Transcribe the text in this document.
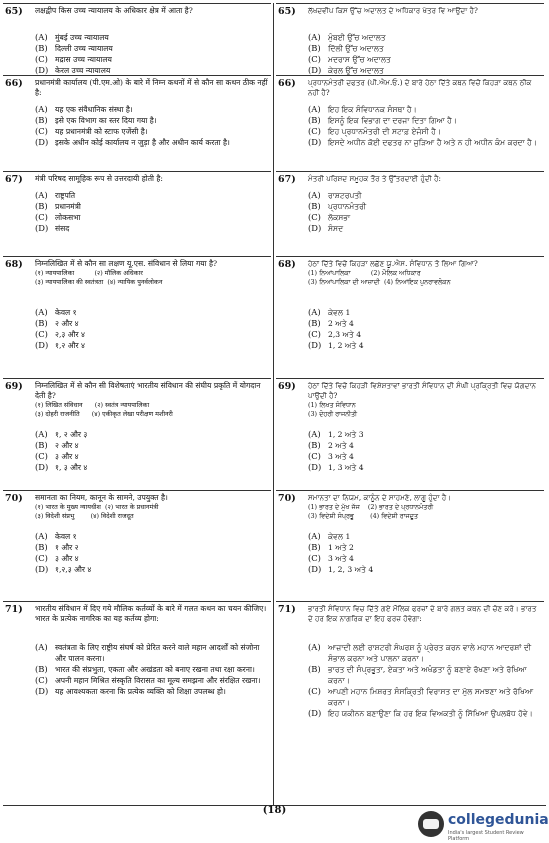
65)	लक्षद्वीप किस उच्च न्यायालय के अधिकार क्षेत्र में आता है?
(A) मुंबई उच्च न्यायालय
(B) दिल्ली उच्च न्यायालय
(C) मद्रास उच्च न्यायालय
(D) केरल उच्च न्यायालय
66)	प्रधानमंत्री कार्यालय (पी.एम.ओ) के बारे में निम्न कथनों में से कौन सा कथन ठीक नहीं है:
(A) यह एक संवैधानिक संस्था है।
(B) इसे एक विभाग का स्तर दिया गया है।
(C) यह प्रधानमंत्री को स्टाफ एजेंसी है।
(D) इसके अधीन कोई कार्यालय न जुड़ा है और अधीन कार्य करता है।
67)	मंत्री परिषद सामूहिक रूप से उत्तरदायी होती है:
(A) राष्ट्रपति
(B) प्रधानमंत्री
(C) लोकसभा
(D) संसद
68)	निम्नलिखित में से कौन सा लक्षण यू.एस. संविधान से लिया गया है?
(१) न्यायपालिका          (२) मौलिक अधिकार
(३) न्यायपालिका की स्वतंत्रता  (४) न्यायिक पुनर्वलोकन
(A) केवल १
(B) २ और ४
(C) २,३ और ४
(D) १,२ और ४
69)	निम्नलिखित में से कौन सी विशेषताएं भारतीय संविधान की संघीय प्रकृति में योगदान देती है?
(१) लिखित संविधान      (२) स्वतंत्र न्यायपालिका
(३) दोहरी राजनीति      (४) एकीकृत लेखा परीक्षण मशीनरी
(A) १, २ और ३
(B) २ और ४
(C) ३ और ४
(D) १, ३ और ४
70)	समानता का नियम, कानून के सामने, उपयुक्त है।
(१) भारत के मुख्य न्यायधीश  (२) भारत के प्रधानमंत्री
(३) विदेशी संप्रभु        (४) विदेशी राजदूत
(A) केवल १
(B) १ और २
(C) ३ और ४
(D) १,२,३ और ४
71)	भारतीय संविधान में दिए गये मौलिक कर्तव्यों के बारे में गलत कथन का चयन कीजिए। भारत के प्रत्येक नागरिक का यह कर्तव्य होगा:
(A) स्वतंत्रता के लिए राष्ट्रीय संघर्ष को प्रेरित करने वाले महान आदर्शों को संजोना और पालन करना।
(B) भारत की संप्रभुता, एकता और अखंडता को बनाए रखना तथा रक्षा करना।
(C) अपनी महान मिश्रित संस्कृति विरासत का मूल्य समझना और संरक्षित रखना।
(D) यह आवश्यकता करना कि प्रत्येक व्यक्ति को शिक्षा उपलब्ध हो।
65)	ਲੱਖਦਵੀਪ ਕਿਸ ਉੱਚ ਅਦਾਲਤ ਦੇ ਅਧਿਕਾਰ ਖੇਤਰ ਵਿ ਆਉਂਦਾ ਹੈ?
(A) ਮੁੰਬਈ ਉੱਚ ਅਦਾਲਤ
(B) ਦਿੱਲੀ ਉੱਚ ਅਦਾਲਤ
(C) ਮਦਰਾਸ ਉੱਚ ਅਦਾਲਤ
(D) ਕੇਰਲ ਉੱਚ ਅਦਾਲਤ
66)	ਪ੍ਰਧਾਨਮੰਤਰੀ ਦਫਤਰ (ਪੀ.ਐਮ.ਓ.) ਦੇ ਬਾਰੇ ਹੇਠਾ ਦਿੱਤੇ ਕਥਨ ਵਿਚੋਂ ਕਿਹੜਾ ਕਥਨ ਠੀਕ ਨਹੀਂ ਹੈ?
(A) ਇਹ ਇਕ ਸੰਵਿਧਾਨਕ ਸੰਸਥਾ ਹੈ।
(B) ਇਸਨੂੰ ਇਕ ਵਿਭਾਗ ਦਾ ਦਰਜਾ ਦਿਤਾ ਗਿਆ ਹੈ।
(C) ਇਹ ਪ੍ਰਧਾਨਮੰਤਰੀ ਦੀ ਸਟਾਫ਼ ਏਜੰਸੀ ਹੈ।
(D) ਇਸਦੇ ਅਧੀਨ ਕੋਈ ਦਫਤਰ ਨਾ ਜੁੜਿਆ ਹੈ ਅਤੇ ਨ ਹੀ ਅਧੀਨ ਕੰਮ ਕਰਦਾ ਹੈ।
67)	ਮੰਤਰੀ ਪਰਿਸ਼ਦ ਸਮੂਹਕ ਤੌਰ ਤੇ ਉੱਤਰਦਾਈ ਹੁੰਦੀ ਹੈ:
(A) ਰਾਸ਼ਟਰਪਤੀ
(B) ਪ੍ਰਧਾਨਮੰਤਰੀ
(C) ਲੋਕਸਭਾ
(D) ਸੰਸਦ
68)	ਹੇਠਾਂ ਦਿੱਤੇ ਵਿਚੋਂ ਕਿਹੜਾ ਲਛੱਣ ਯੂ.ਐਸ. ਸੰਵਿਧਾਨ ਤੋ ਲਿਆ ਗਿਆ?
(1) ਨਿਆਂਪਾਲਿਕਾ          (2) ਮੌਲਿਕ ਅਧਿਕਾਰ
(3) ਨਿਆਂਪਾਲਿਕਾ ਦੀ ਆਜ਼ਾਦੀ  (4) ਨਿਆਂਇਕ ਪੁਨਰਾਵਲੋਕਨ
(A) ਕੇਵਲ 1
(B) 2 ਅਤੇ 4
(C) 2,3 ਅਤੇ 4
(D) 1, 2 ਅਤੇ 4
69)	ਹੇਠਾਂ ਦਿੱਤੇ ਵਿਚੋਂ ਕਿਹੜੀ ਵਿਸ਼ੇਸ਼ਤਾਵਾਂ ਭਾਰਤੀ ਸੰਵਿਧਾਨ ਦੀ ਸੰਘੀ ਪ੍ਰਕ੍ਰਿਤੀ ਵਿਚ ਯੋਗਦਾਨ ਪਾਉਂਦੀ ਹੈ?
(1) ਲਿਖਤ ਸੰਵਿਧਾਨ
(3) ਦੋਹਰੀ ਰਾਜਨੀਤੀ
(A) 1, 2 ਅਤੇ 3
(B) 2 ਅਤੇ 4
(C) 3 ਅਤੇ 4
(D) 1, 3 ਅਤੇ 4
70)	ਸਮਾਨਤਾ ਦਾ ਨਿਯਮ, ਕਾਨੂੰਨ ਦੇ ਸਾਹਮਣੇ, ਲਾਗੂ ਹੁੰਦਾ ਹੈ।
(1) ਭਾਰਤ ਦੇ ਮੁੱਖ ਜੱਜ    (2) ਭਾਰਤ ਦੇ ਪ੍ਰਧਾਨਮੰਤਰੀ
(3) ਵਿਦੇਸ਼ੀ ਸੰਪ੍ਰਭੂ        (4) ਵਿਦੇਸ਼ੀ ਰਾਜਦੂਤ
(A) ਕੇਵਲ 1
(B) 1 ਅਤੇ 2
(C) 3 ਅਤੇ 4
(D) 1, 2, 3 ਅਤੇ 4
71)	ਭਾਰਤੀ ਸੰਵਿਧਾਨ ਵਿਚ ਦਿੱਤੇ ਗਏ ਮੌਲਿਕ ਫਰਜ਼ਾਂ ਦੇ ਬਾਰੇ ਗਲਤ ਕਥਨ ਦੀ ਚੋਣ ਕਰੋ। ਭਾਰਤ ਦੇ ਹਰ ਇਕ ਨਾਗਰਿਕ ਦਾ ਇਹ ਫਰਜ਼ ਹੋਵੇਗਾ:
(A) ਆਜ਼ਾਦੀ ਲਈ ਰਾਸ਼ਟਰੀ ਸੰਘਰਸ਼ ਨੂੰ ਪ੍ਰੇਰਤ ਕਰਨ ਵਾਲੇ ਮਹਾਨ ਆਦਰਸ਼ਾਂ ਦੀ ਸੰਭਾਲ ਕਰਨਾ ਅਤੇ ਪਾਲਨਾ ਕਰਨਾ।
(B) ਭਾਰਤ ਦੀ ਸੰਪ੍ਰਭੂਤਾ, ਏਕਤਾ ਅਤੇ ਅਖੰਡਤਾ ਨੂੰ ਬਣਾਏ ਰੱਖਣਾ ਅਤੇ ਰੱਖਿਆ ਕਰਨਾ।
(C) ਆਪਣੀ ਮਹਾਨ ਮਿਸ਼ਰਤ ਸੰਸਕ੍ਰਿਤੀ ਵਿਰਾਸਤ ਦਾ ਮੁੱਲ ਸਮਝਣਾ ਅਤੇ ਰੱਖਿਆ ਕਰਨਾ।
(D) ਇਹ ਯਕੀਨਨ ਬਣਾਉਣਾ ਕਿ ਹਰ ਇਕ ਵਿਅਕਤੀ ਨੂੰ ਸਿੱਖਿਆ ਉਪਲਬੱਧ ਹੋਵੇ।
(18)
collegedunia
India's largest Student Review Platform
